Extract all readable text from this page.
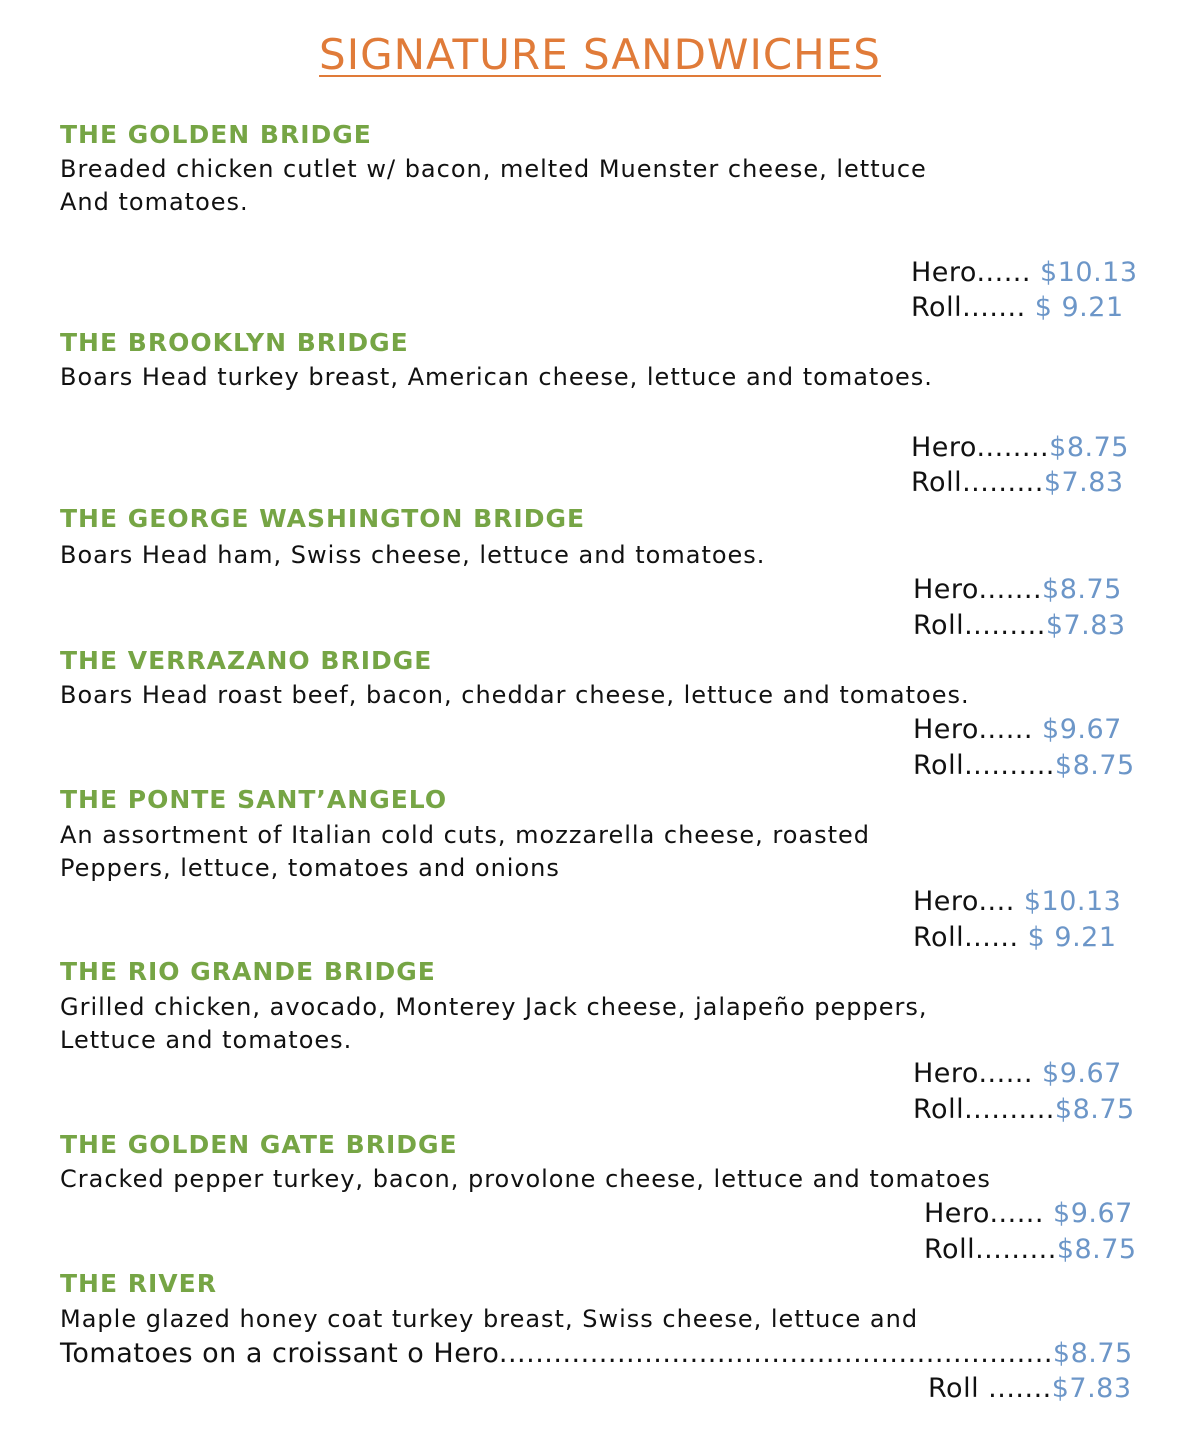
SIGNATURE SANDWICHES
THE GOLDEN BRIDGE
Breaded chicken cutlet w/ bacon, melted Muenster cheese, lettuce
And tomatoes.
Hero...... $10.13
Roll....... $ 9.21
THE BROOKLYN BRIDGE
Boars Head turkey breast, American cheese, lettuce and tomatoes.
Hero........$8.75
Roll.........$7.83
THE GEORGE WASHINGTON BRIDGE
Boars Head ham, Swiss cheese, lettuce and tomatoes.
Hero.......$8.75
Roll.........$7.83
THE VERRAZANO BRIDGE
Boars Head roast beef, bacon, cheddar cheese, lettuce and tomatoes.
Hero...... $9.67
Roll..........$8.75
THE PONTE SANT’ANGELO
An assortment of Italian cold cuts, mozzarella cheese, roasted
Peppers, lettuce, tomatoes and onions
Hero.... $10.13
Roll...... $ 9.21
THE RIO GRANDE BRIDGE
Grilled chicken, avocado, Monterey Jack cheese, jalapeño peppers,
Lettuce and tomatoes.
Hero...... $9.67
Roll..........$8.75
THE GOLDEN GATE BRIDGE
Cracked pepper turkey, bacon, provolone cheese, lettuce and tomatoes
Hero...... $9.67
Roll.........$8.75
THE RIVER
Maple glazed honey coat turkey breast, Swiss cheese, lettuce and
Tomatoes on a croissant o Hero.............................................................$8.75
Roll .......$7.83
